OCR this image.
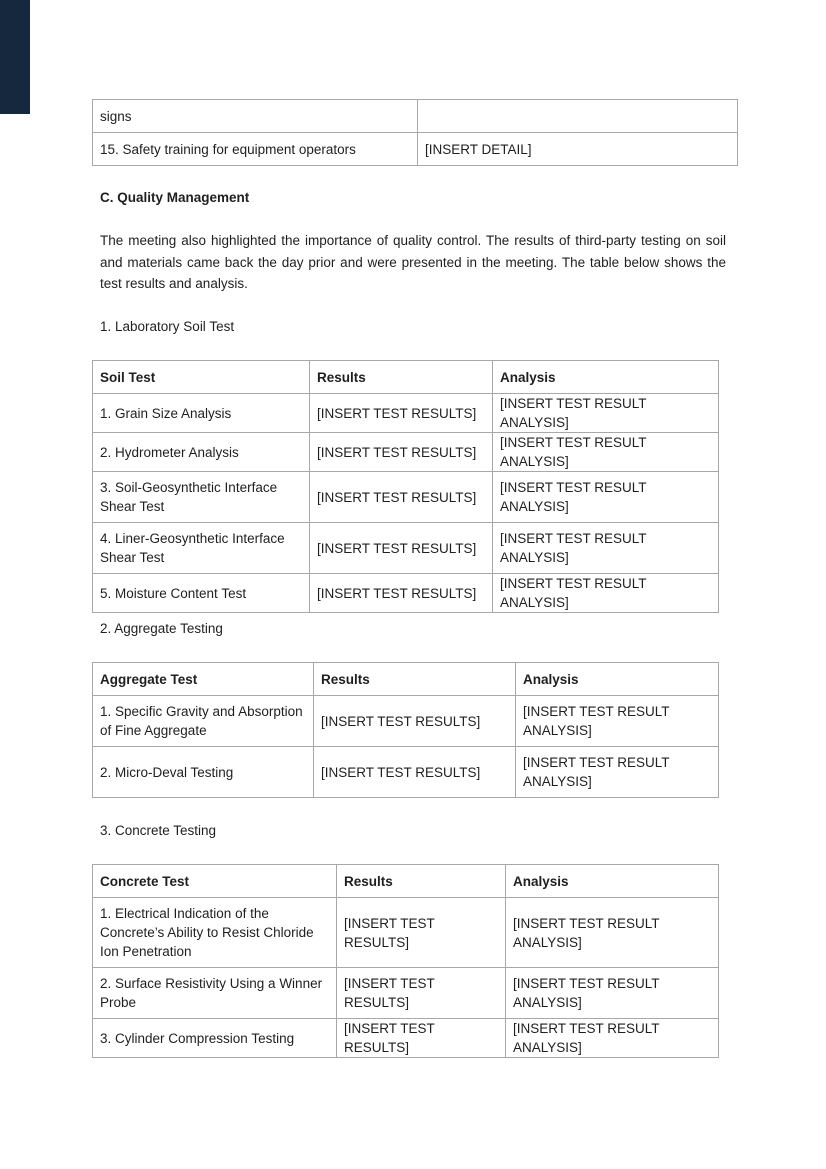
signs	
15. Safety training for equipment operators	[INSERT DETAIL]

C. Quality Management

The meeting also highlighted the importance of quality control. The results of third-party testing on soil and materials came back the day prior and were presented in the meeting. The table below shows the test results and analysis.

1. Laboratory Soil Test

Soil Test	Results	Analysis
1. Grain Size Analysis	[INSERT TEST RESULTS]	[INSERT TEST RESULT ANALYSIS]
2. Hydrometer Analysis	[INSERT TEST RESULTS]	[INSERT TEST RESULT ANALYSIS]
3. Soil-Geosynthetic Interface Shear Test	[INSERT TEST RESULTS]	[INSERT TEST RESULT ANALYSIS]
4. Liner-Geosynthetic Interface Shear Test	[INSERT TEST RESULTS]	[INSERT TEST RESULT ANALYSIS]
5. Moisture Content Test	[INSERT TEST RESULTS]	[INSERT TEST RESULT ANALYSIS]

2. Aggregate Testing

Aggregate Test	Results	Analysis
1. Specific Gravity and Absorption of Fine Aggregate	[INSERT TEST RESULTS]	[INSERT TEST RESULT ANALYSIS]
2. Micro-Deval Testing	[INSERT TEST RESULTS]	[INSERT TEST RESULT ANALYSIS]

3. Concrete Testing

Concrete Test	Results	Analysis
1. Electrical Indication of the Concrete’s Ability to Resist Chloride Ion Penetration	[INSERT TEST RESULTS]	[INSERT TEST RESULT ANALYSIS]
2. Surface Resistivity Using a Winner Probe	[INSERT TEST RESULTS]	[INSERT TEST RESULT ANALYSIS]
3. Cylinder Compression Testing	[INSERT TEST RESULTS]	[INSERT TEST RESULT ANALYSIS]
